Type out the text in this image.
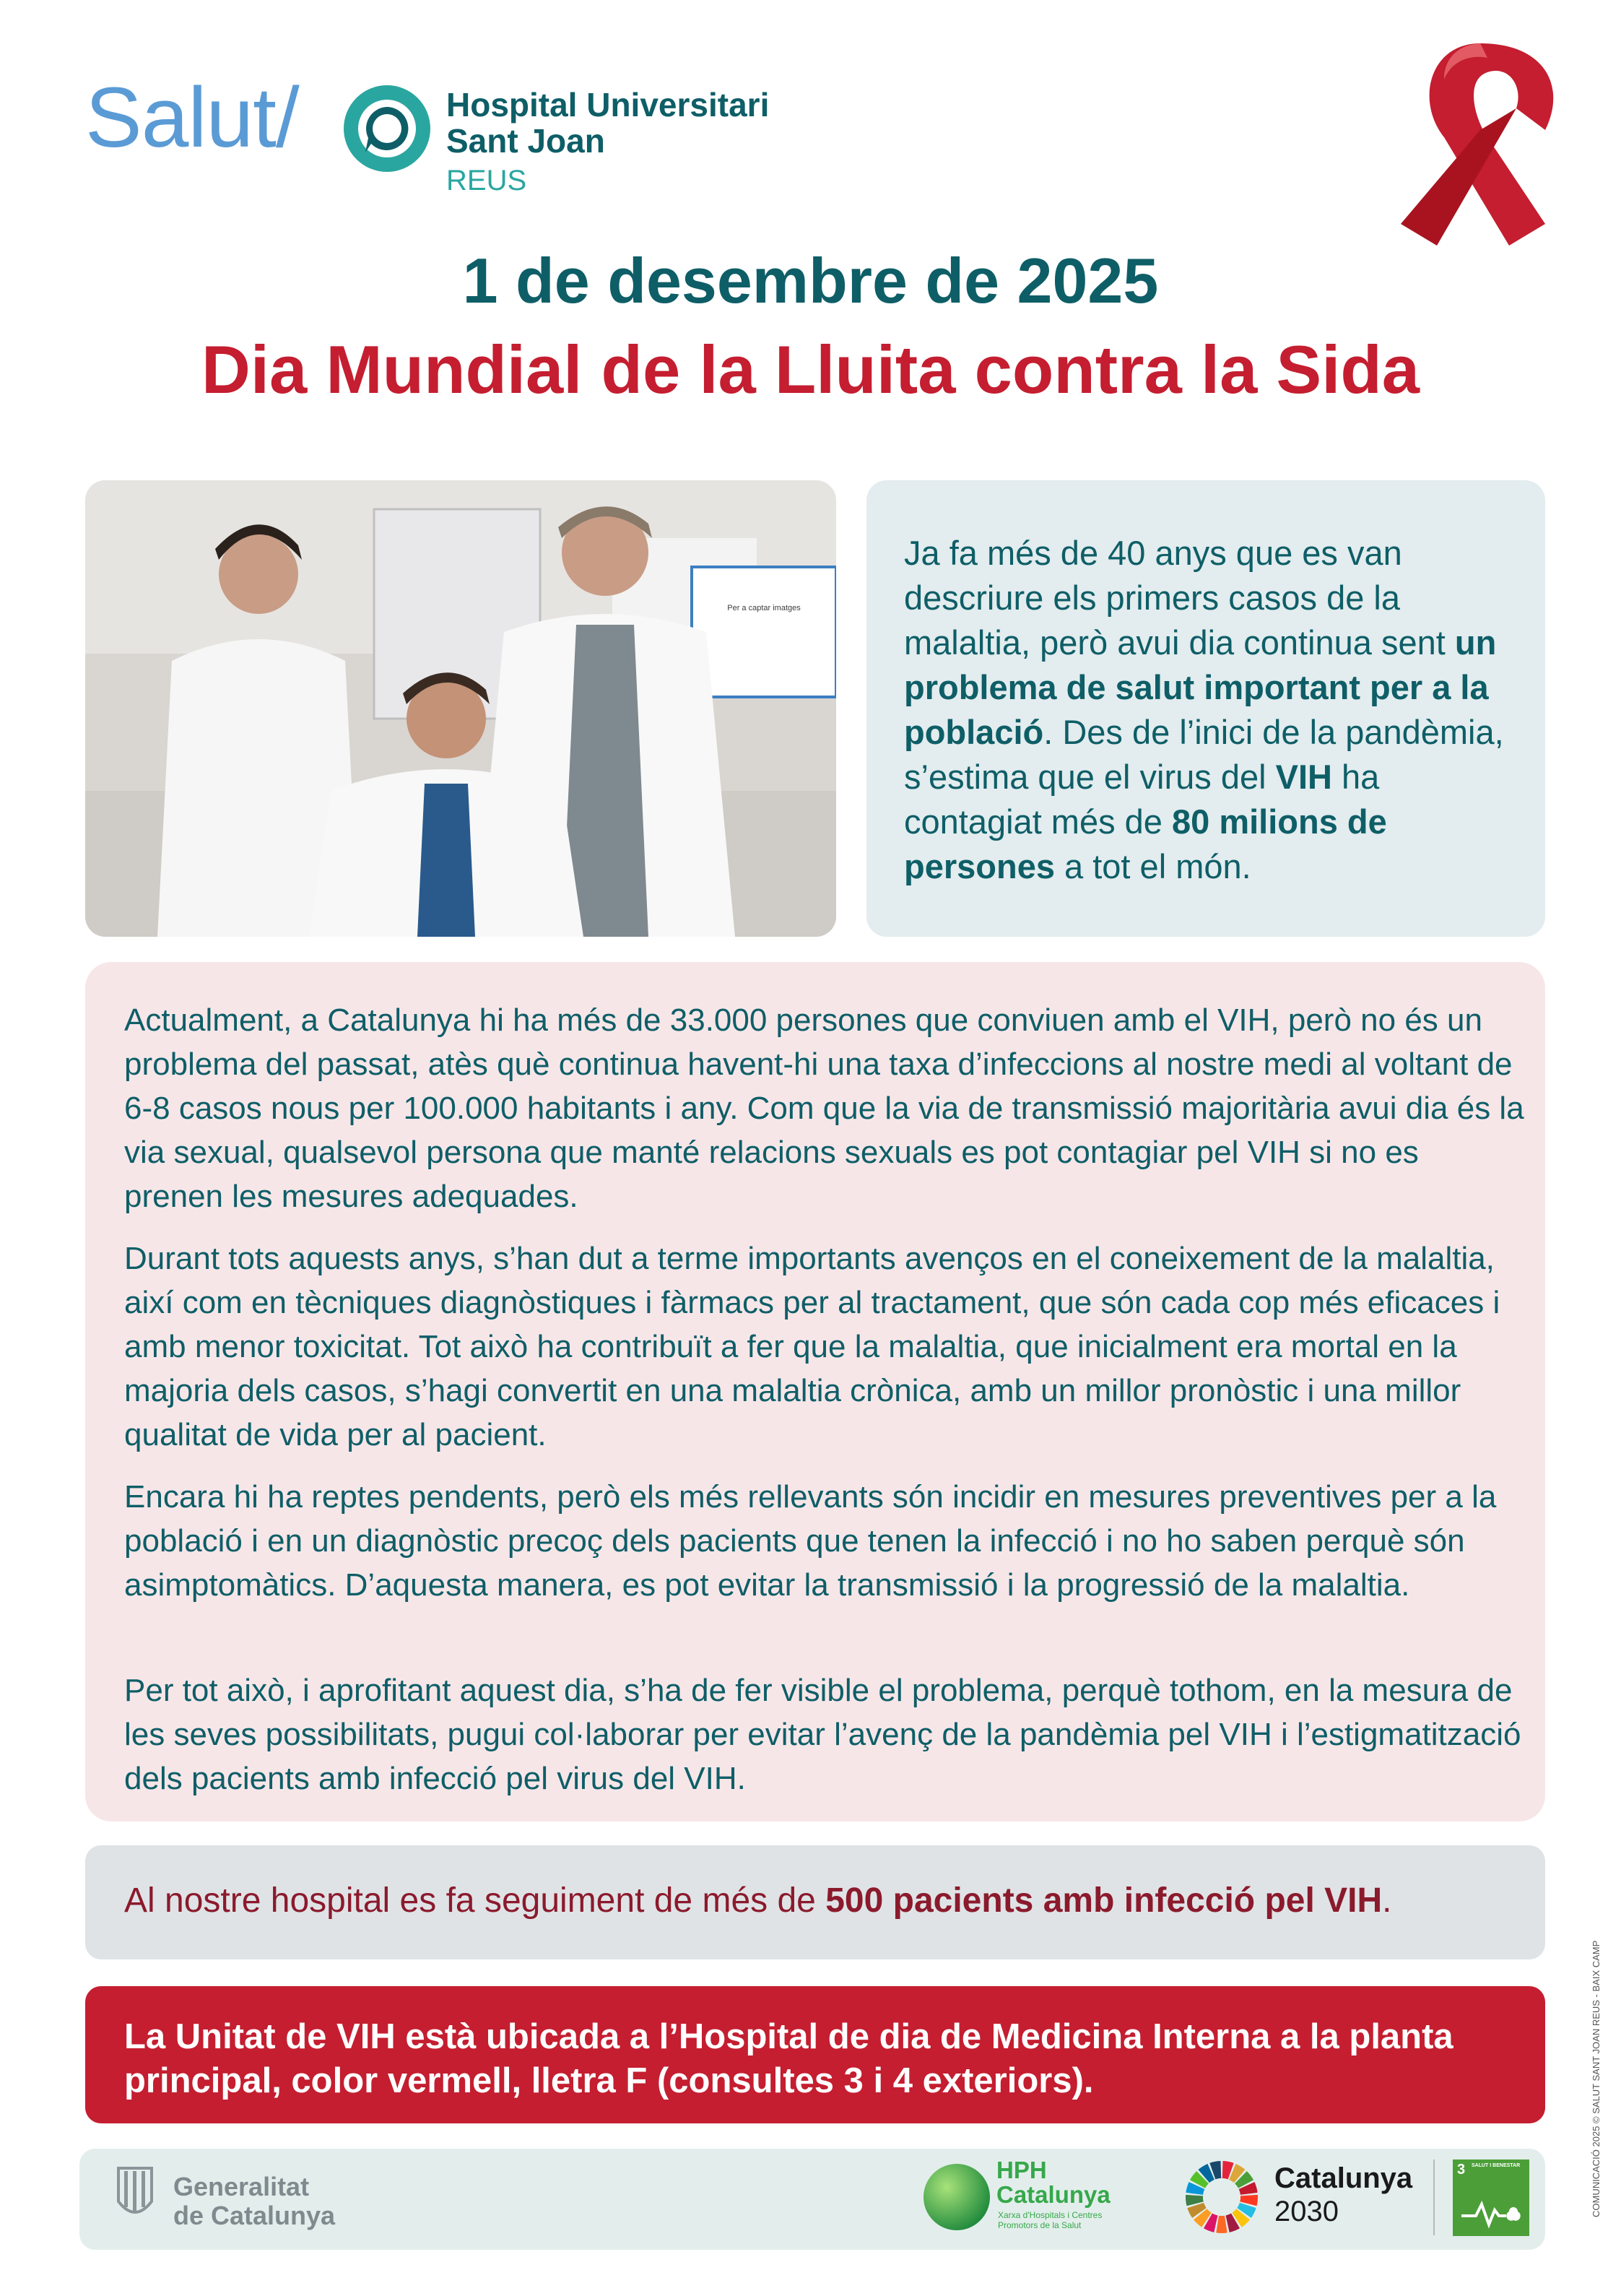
Salut/	Hospital Universitari
Sant Joan
REUS
1 de desembre de 2025
Dia Mundial de la Lluita contra la Sida
Per a captar imatges
Ja fa més de 40 anys que es van descriure els primers casos de la malaltia, però avui dia continua sent un problema de salut important per a la població. Des de l’inici de la pandèmia, s’estima que el virus del VIH ha contagiat més de 80 milions de persones a tot el món.
Actualment, a Catalunya hi ha més de 33.000 persones que conviuen amb el VIH, però no és un problema del passat, atès què continua havent-hi una taxa d’infeccions al nostre medi al voltant de 6-8 casos nous per 100.000 habitants i any. Com que la via de transmissió majoritària avui dia és la via sexual, qualsevol persona que manté relacions sexuals es pot contagiar pel VIH si no es prenen les mesures adequades.
Durant tots aquests anys, s’han dut a terme importants avenços en el coneixement de la malaltia, així com en tècniques diagnòstiques i fàrmacs per al tractament, que són cada cop més eficaces i amb menor toxicitat. Tot això ha contribuït a fer que la malaltia, que inicialment era mortal en la majoria dels casos, s’hagi convertit en una malaltia crònica, amb un millor pronòstic i una millor qualitat de vida per al pacient.
Encara hi ha reptes pendents, però els més rellevants són incidir en mesures preventives per a la població i en un diagnòstic precoç dels pacients que tenen la infecció i no ho saben perquè són asimptomàtics. D’aquesta manera, es pot evitar la transmissió i la progressió de la malaltia.
Per tot això, i aprofitant aquest dia, s’ha de fer visible el problema, perquè tothom, en la mesura de les seves possibilitats, pugui col·laborar per evitar l’avenç de la pandèmia pel VIH i l’estigmatització dels pacients amb infecció pel virus del VIH.
Al nostre hospital es fa seguiment de més de 500 pacients amb infecció pel VIH.
La Unitat de VIH està ubicada a l’Hospital de dia de Medicina Interna a la planta principal, color vermell, lletra F (consultes 3 i 4 exteriors).
Generalitat
de Catalunya
HPH
Catalunya
Xarxa d'Hospitals i Centres
Promotors de la Salut
Catalunya
2030
3 SALUT I BENESTAR	COMUNICACIÓ 2025 © SALUT SANT JOAN REUS - BAIX CAMP
